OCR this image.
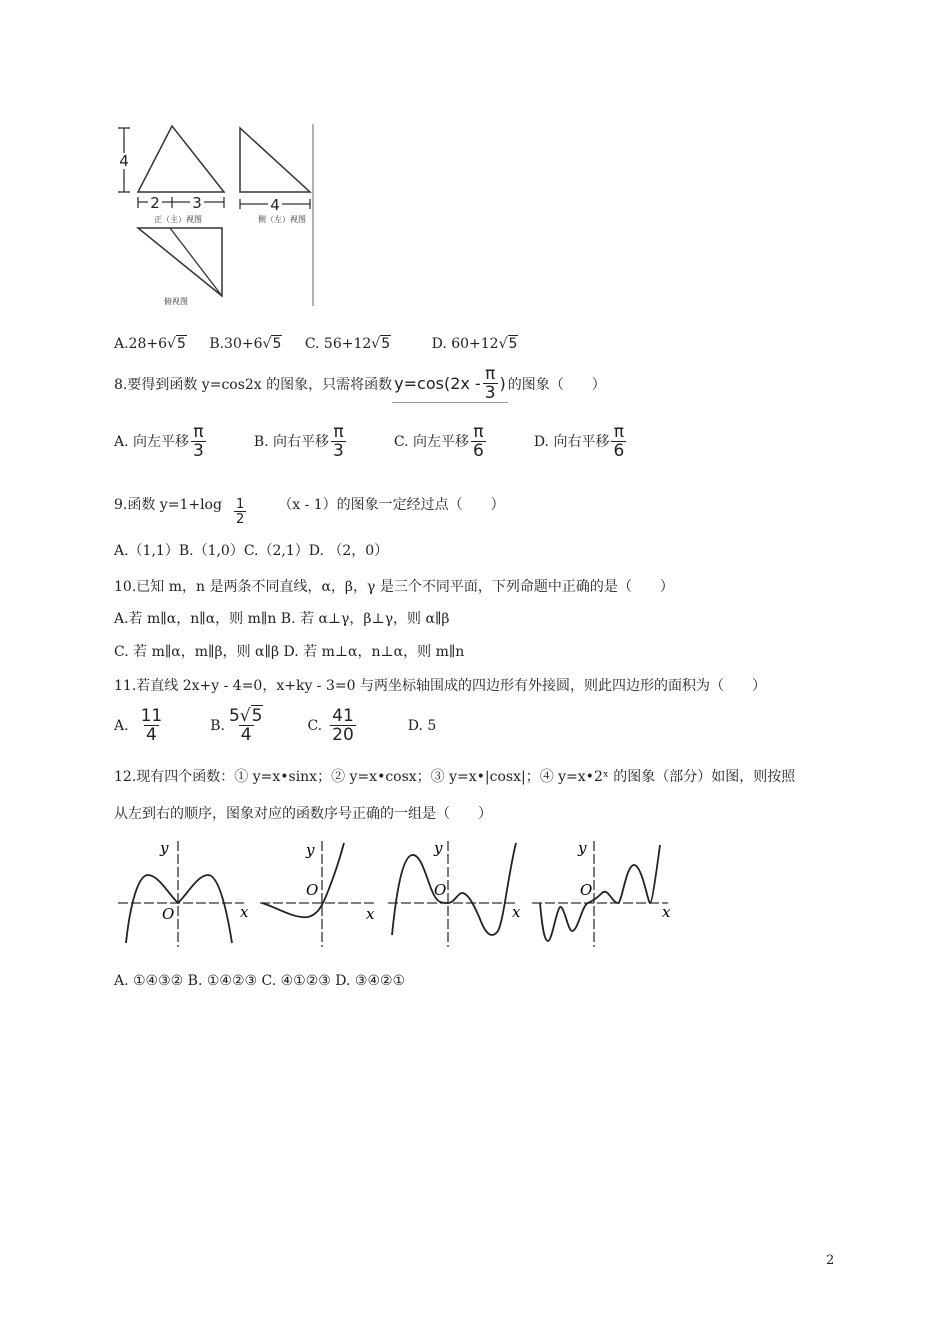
4
2 3
正（主）视图
4
侧（左）视图
俯视图
A.28+6√5 B.30+6√5 C. 56+12√5	D. 60+12√5
8.要得到函数 y=cos2x 的图象，只需将函数 $y=\cos(2x - \frac{\pi}{3}$ ) 的图象（　　）
A. 向左平移 $\frac{\pi}{3}$	B. 向右平移 $\frac{\pi}{3}$	C. 向左平移 $\frac{\pi}{6}$	D. 向右平移 $\frac{\pi}{6}$
9.函数 $y=1+\log \frac{1}{2} (x - 1)$的图象一定经过点（　　）
A.（1,1）B.（1,0）C.（2,1）D. （2，0）
10.已知 m，n 是两条不同直线，α，β，γ 是三个不同平面，下列命题中正确的是（　　）
A.若 m∥α，n∥α，则 m∥n B. 若 α⊥γ，β⊥γ，则 α∥β
C. 若 m∥α，m∥β，则 α∥β D. 若 m⊥α，n⊥α，则 m∥n
11.若直线 2x+y - 4=0，x+ky - 3=0 与两坐标轴围成的四边形有外接圆，则此四边形的面积为（　　）
A. $\frac{11}{4}$	B. $\frac{5√5}{4}$	C. $\frac{41}{20}$	D. 5
12.现有四个函数：① y=x•sinx；② y=x•cosx；③ y=x•|cosx|；④ y=x•2ˣ 的图象（部分）如图，则按照
从左到右的顺序，图象对应的函数序号正确的一组是（　　）
y
x
O
y
x
O
y
x
O
y
x
O
A. ①④③② B. ①④②③ C. ④①②③ D. ③④②①
2
